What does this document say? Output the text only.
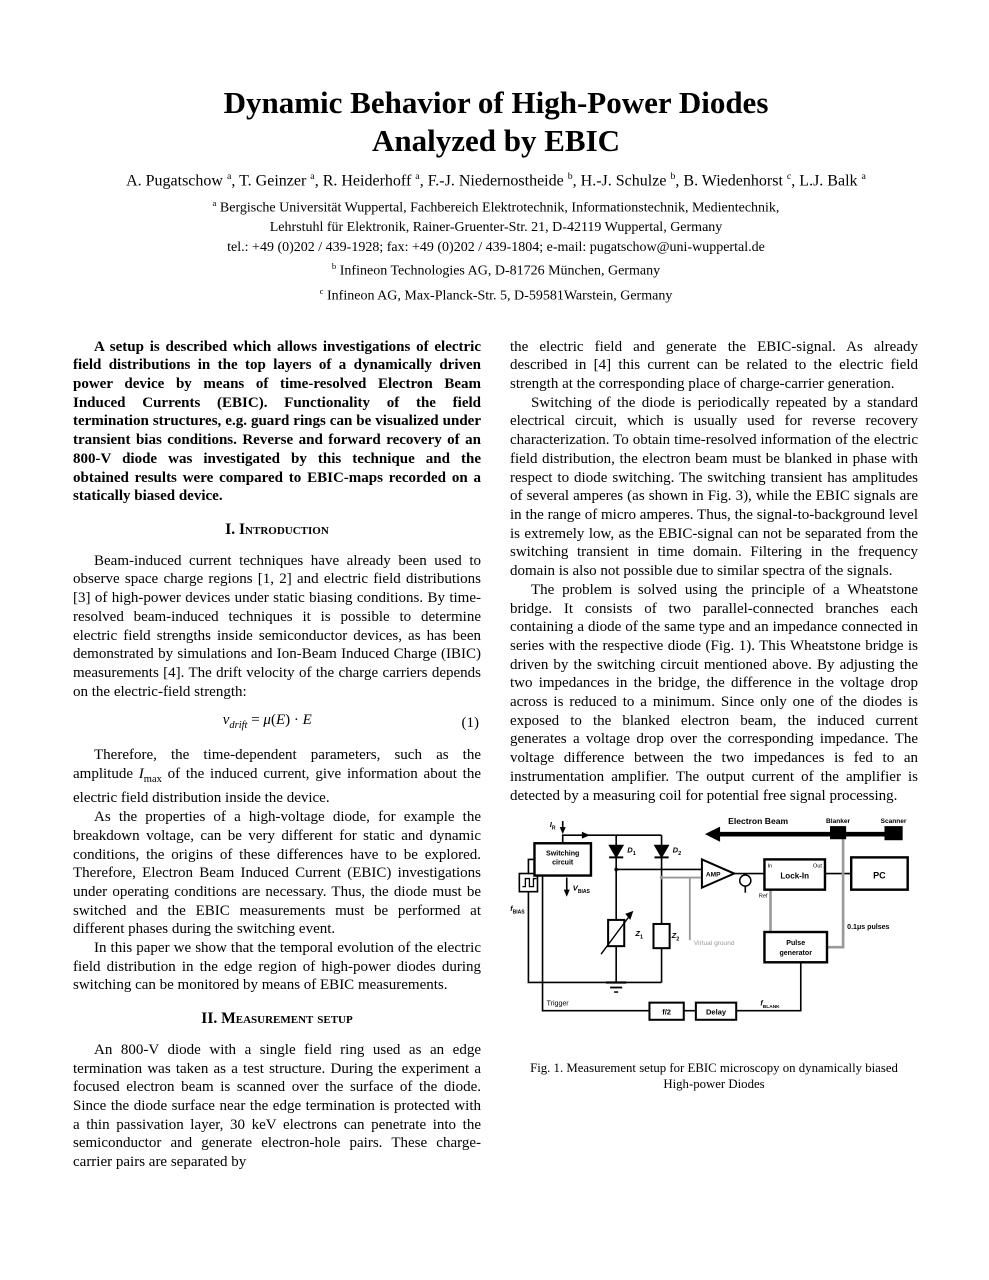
Dynamic Behavior of High-Power Diodes
Analyzed by EBIC
A. Pugatschow $^a$, T. Geinzer $^a$, R. Heiderhoff $^a$, F.-J. Niedernostheide $^b$, H.-J. Schulze $^b$, B. Wiedenhorst $^c$, L.J. Balk $^a$
$^a$ Bergische Universität Wuppertal, Fachbereich Elektrotechnik, Informationstechnik, Medientechnik,
Lehrstuhl für Elektronik, Rainer-Gruenter-Str. 21, D-42119 Wuppertal, Germany
tel.: +49 (0)202 / 439-1928; fax: +49 (0)202 / 439-1804; e-mail: pugatschow@uni-wuppertal.de
$^b$ Infineon Technologies AG, D-81726 München, Germany
$^c$ Infineon AG, Max-Planck-Str. 5, D-59581Warstein, Germany

A setup is described which allows investigations of electric field distributions in the top layers of a dynamically driven power device by means of time-resolved Electron Beam Induced Currents (EBIC). Functionality of the field termination structures, e.g. guard rings can be visualized under transient bias conditions. Reverse and forward recovery of an 800-V diode was investigated by this technique and the obtained results were compared to EBIC-maps recorded on a statically biased device.

I. Introduction

Beam-induced current techniques have already been used to observe space charge regions [1, 2] and electric field distributions [3] of high-power devices under static biasing conditions. By time-resolved beam-induced techniques it is possible to determine electric field strengths inside semiconductor devices, as has been demonstrated by simulations and Ion-Beam Induced Charge (IBIC) measurements [4]. The drift velocity of the charge carriers depends on the electric-field strength:

$v_{drift} = \mu(E) \cdot E$	(1)

Therefore, the time-dependent parameters, such as the amplitude $I_{max}$ of the induced current, give information about the electric field distribution inside the device.

As the properties of a high-voltage diode, for example the breakdown voltage, can be very different for static and dynamic conditions, the origins of these differences have to be explored. Therefore, Electron Beam Induced Current (EBIC) investigations under operating conditions are necessary. Thus, the diode must be switched and the EBIC measurements must be performed at different phases during the switching event.

In this paper we show that the temporal evolution of the electric field distribution in the edge region of high-power diodes during switching can be monitored by means of EBIC measurements.

II. Measurement setup

An 800-V diode with a single field ring used as an edge termination was taken as a test structure. During the experiment a focused electron beam is scanned over the surface of the diode. Since the diode surface near the edge termination is protected with a thin passivation layer, 30 keV electrons can penetrate into the semiconductor and generate electron-hole pairs. These charge-carrier pairs are separated by

the electric field and generate the EBIC-signal. As already described in [4] this current can be related to the electric field strength at the corresponding place of charge-carrier generation.

Switching of the diode is periodically repeated by a standard electrical circuit, which is usually used for reverse recovery characterization. To obtain time-resolved information of the electric field distribution, the electron beam must be blanked in phase with respect to diode switching. The switching transient has amplitudes of several amperes (as shown in Fig. 3), while the EBIC signals are in the range of micro amperes. Thus, the signal-to-background level is extremely low, as the EBIC-signal can not be separated from the switching transient in time domain. Filtering in the frequency domain is also not possible due to similar spectra of the signals.

The problem is solved using the principle of a Wheatstone bridge. It consists of two parallel-connected branches each containing a diode of the same type and an impedance connected in series with the respective diode (Fig. 1). This Wheatstone bridge is driven by the switching circuit mentioned above. By adjusting the two impedances in the bridge, the difference in the voltage drop across is reduced to a minimum. Since only one of the diodes is exposed to the blanked electron beam, the induced current generates a voltage drop over the corresponding impedance. The voltage difference between the two impedances is fed to an instrumentation amplifier. The output current of the amplifier is detected by a measuring coil for potential free signal processing.

Electron Beam	Blanker	Scanner
Switching
circuit
$I_R$
$V_{BIAS}$
$f_{BIAS}$
$D_1$	$D_2$
$Z_1$	$Z_2$
Virtual ground
AMP	Lock-In
In	Out
Ref
PC
Pulse
generator
0.1μs pulses
Trigger
f/2	Delay
$f_{BLANK}$
Fig. 1. Measurement setup for EBIC microscopy on dynamically biased
High-power Diodes
